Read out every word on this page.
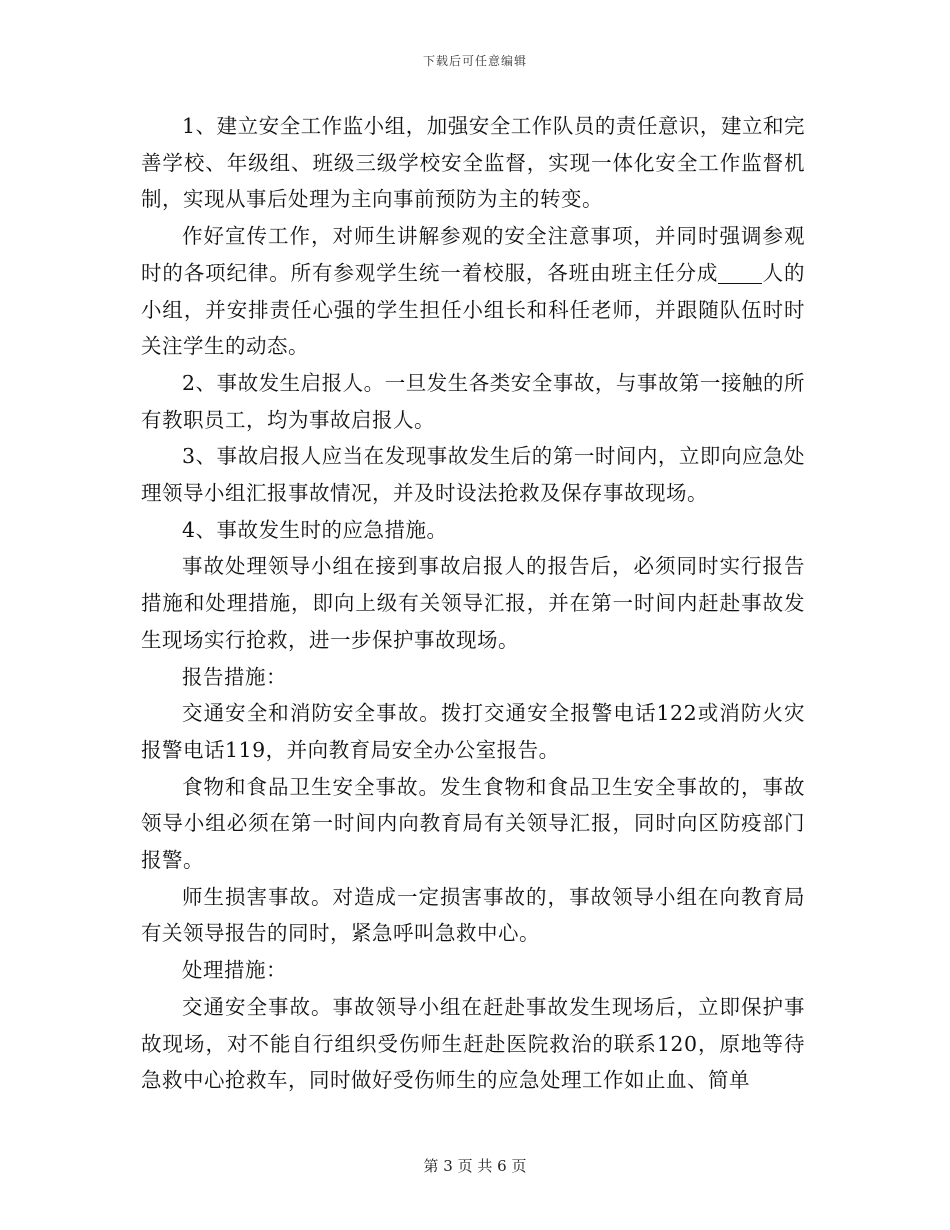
下载后可任意编辑

1、建立安全工作监小组，加强安全工作队员的责任意识，建立和完善学校、年级组、班级三级学校安全监督，实现一体化安全工作监督机制，实现从事后处理为主向事前预防为主的转变。

作好宣传工作，对师生讲解参观的安全注意事项，并同时强调参观时的各项纪律。所有参观学生统一着校服，各班由班主任分成 人的小组，并安排责任心强的学生担任小组长和科任老师，并跟随队伍时时关注学生的动态。

2、事故发生启报人。一旦发生各类安全事故，与事故第一接触的所有教职员工，均为事故启报人。

3、事故启报人应当在发现事故发生后的第一时间内，立即向应急处理领导小组汇报事故情况，并及时设法抢救及保存事故现场。

4、事故发生时的应急措施。

事故处理领导小组在接到事故启报人的报告后，必须同时实行报告措施和处理措施，即向上级有关领导汇报，并在第一时间内赶赴事故发生现场实行抢救，进一步保护事故现场。

报告措施：

交通安全和消防安全事故。拨打交通安全报警电话122或消防火灾报警电话119，并向教育局安全办公室报告。

食物和食品卫生安全事故。发生食物和食品卫生安全事故的，事故领导小组必须在第一时间内向教育局有关领导汇报，同时向区防疫部门报警。

师生损害事故。对造成一定损害事故的，事故领导小组在向教育局有关领导报告的同时，紧急呼叫急救中心。

处理措施：

交通安全事故。事故领导小组在赶赴事故发生现场后，立即保护事故现场，对不能自行组织受伤师生赶赴医院救治的联系120，原地等待急救中心抢救车，同时做好受伤师生的应急处理工作如止血、简单

第 3 页 共 6 页
